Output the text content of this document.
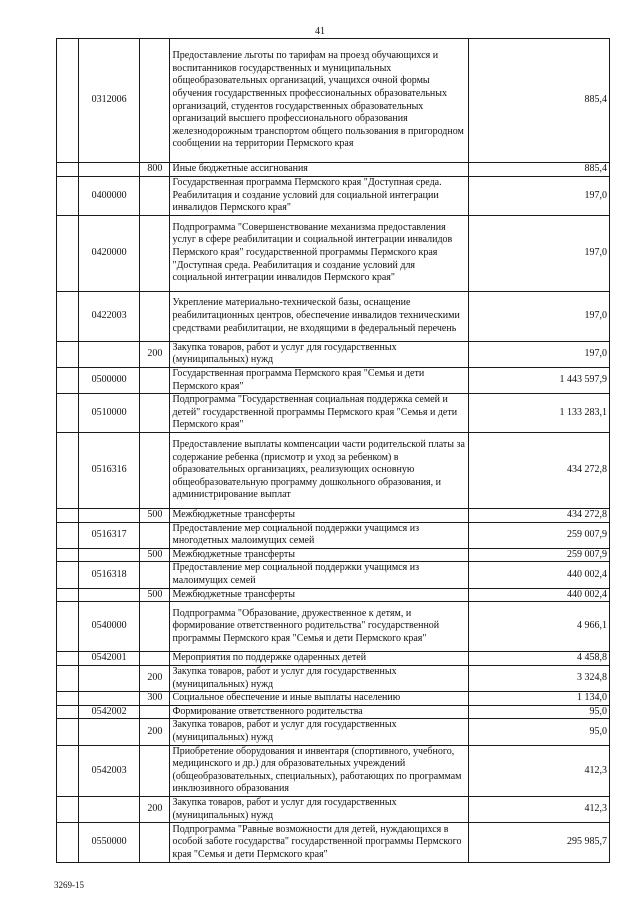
41
	0312006		Предоставление льготы по тарифам на проезд обучающихся и воспитанников государственных и муниципальных общеобразовательных организаций, учащихся очной формы обучения государственных профессиональных образовательных организаций, студентов государственных образовательных организаций высшего профессионального образования железнодорожным транспортом общего пользования в пригородном сообщении на территории Пермского края	885,4
		800	Иные бюджетные ассигнования	885,4
	0400000		Государственная программа Пермского края "Доступная среда. Реабилитация и создание условий для социальной интеграции инвалидов Пермского края"	197,0
	0420000		Подпрограмма "Совершенствование механизма предоставления услуг в сфере реабилитации и социальной интеграции инвалидов Пермского края" государственной программы Пермского края "Доступная среда. Реабилитация и создание условий для социальной интеграции инвалидов Пермского края"	197,0
	0422003		Укрепление материально-технической базы, оснащение реабилитационных центров, обеспечение инвалидов техническими средствами реабилитации, не входящими в федеральный перечень	197,0
		200	Закупка товаров, работ и услуг для государственных (муниципальных) нужд	197,0
	0500000		Государственная программа Пермского края "Семья и дети Пермского края"	1 443 597,9
	0510000		Подпрограмма "Государственная социальная поддержка семей и детей" государственной программы Пермского края "Семья и дети Пермского края"	1 133 283,1
	0516316		Предоставление выплаты компенсации части родительской платы за содержание ребенка (присмотр и уход за ребенком) в образовательных организациях, реализующих основную общеобразовательную программу дошкольного образования, и администрирование выплат	434 272,8
		500	Межбюджетные трансферты	434 272,8
	0516317		Предоставление мер социальной поддержки учащимся из многодетных малоимущих семей	259 007,9
		500	Межбюджетные трансферты	259 007,9
	0516318		Предоставление мер социальной поддержки учащимся из малоимущих семей	440 002,4
		500	Межбюджетные трансферты	440 002,4
	0540000		Подпрограмма "Образование, дружественное к детям, и формирование ответственного родительства" государственной программы Пермского края "Семья и дети Пермского края"	4 966,1
	0542001		Мероприятия по поддержке одаренных детей	4 458,8
		200	Закупка товаров, работ и услуг для государственных (муниципальных) нужд	3 324,8
		300	Социальное обеспечение и иные выплаты населению	1 134,0
	0542002		Формирование ответственного родительства	95,0
		200	Закупка товаров, работ и услуг для государственных (муниципальных) нужд	95,0
	0542003		Приобретение оборудования и инвентаря (спортивного, учебного, медицинского и др.) для образовательных учреждений (общеобразовательных, специальных), работающих по программам инклюзивного образования	412,3
		200	Закупка товаров, работ и услуг для государственных (муниципальных) нужд	412,3
	0550000		Подпрограмма "Равные возможности для детей, нуждающихся в особой заботе государства" государственной программы Пермского края "Семья и дети Пермского края"	295 985,7
3269-15
